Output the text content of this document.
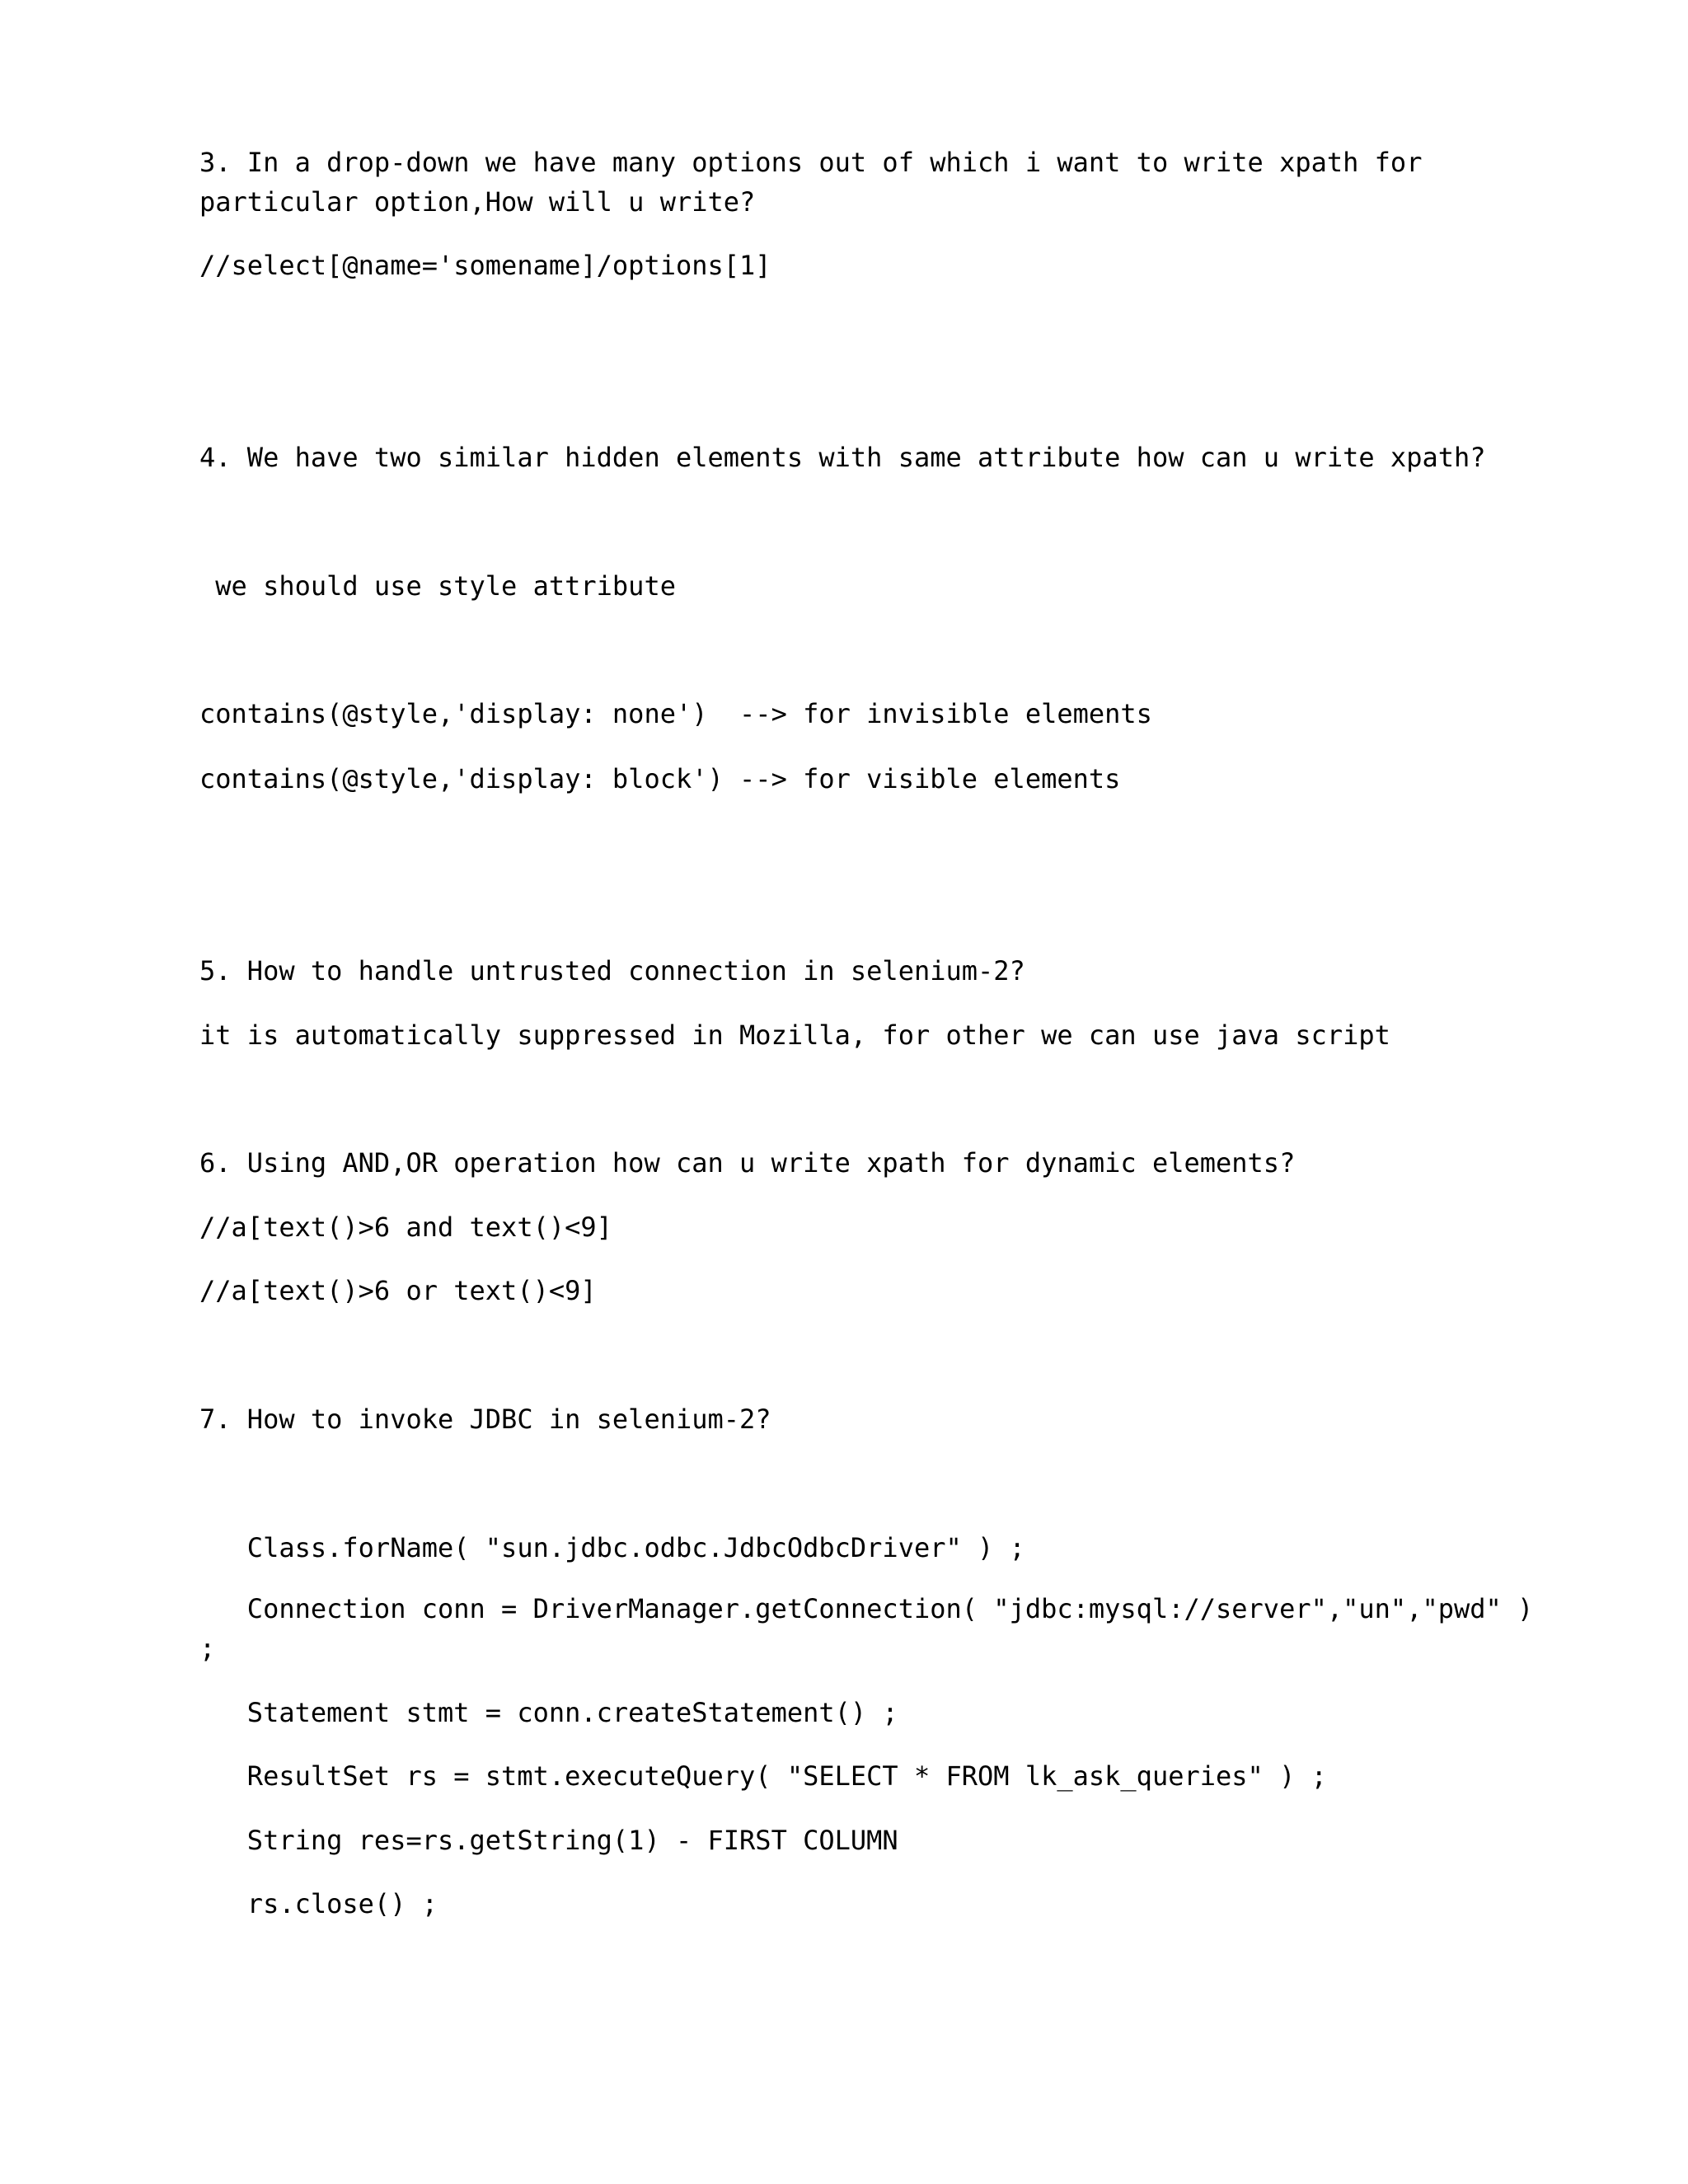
3. In a drop-down we have many options out of which i want to write xpath for

particular option,How will u write?

//select[@name='somename]/options[1]

4. We have two similar hidden elements with same attribute how can u write xpath?

we should use style attribute

contains(@style,'display: none')  --> for invisible elements

contains(@style,'display: block') --> for visible elements

5. How to handle untrusted connection in selenium-2?

it is automatically suppressed in Mozilla, for other we can use java script

6. Using AND,OR operation how can u write xpath for dynamic elements?

//a[text()>6 and text()<9]

//a[text()>6 or text()<9]

7. How to invoke JDBC in selenium-2?

Class.forName( "sun.jdbc.odbc.JdbcOdbcDriver" ) ;

Connection conn = DriverManager.getConnection( "jdbc:mysql://server","un","pwd" )

;

Statement stmt = conn.createStatement() ;

ResultSet rs = stmt.executeQuery( "SELECT * FROM lk_ask_queries" ) ;

String res=rs.getString(1) - FIRST COLUMN

rs.close() ;
